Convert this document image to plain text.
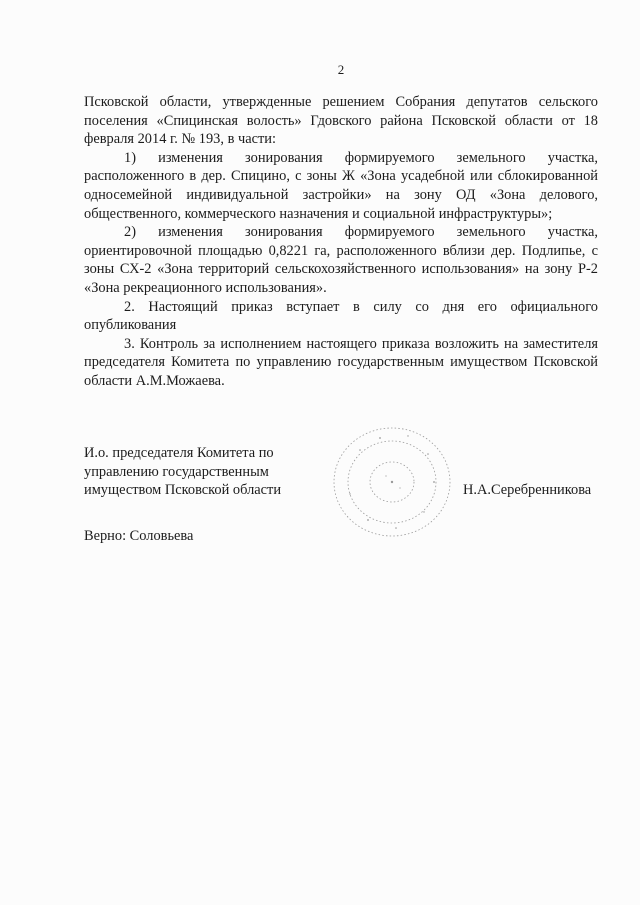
2

Псковской области, утвержденные решением Собрания депутатов сельского поселения «Спицинская волость» Гдовского района Псковской области от 18 февраля 2014 г. № 193, в части:

1) изменения зонирования формируемого земельного участка, расположенного в дер. Спицино, с зоны Ж «Зона усадебной или сблокированной односемейной индивидуальной застройки» на зону ОД «Зона делового, общественного, коммерческого назначения и социальной инфраструктуры»;

2) изменения зонирования формируемого земельного участка, ориентировочной площадью 0,8221 га, расположенного вблизи дер. Подлипье, с зоны СХ-2 «Зона территорий сельскохозяйственного использования» на зону Р-2 «Зона рекреационного использования».

2. Настоящий приказ вступает в силу со дня его официального опубликования

3. Контроль за исполнением настоящего приказа возложить на заместителя председателя Комитета по управлению государственным имуществом Псковской области А.М.Можаева.

И.о. председателя Комитета по
управлению государственным
имуществом Псковской области	Н.А.Серебренникова
Верно: Соловьева
